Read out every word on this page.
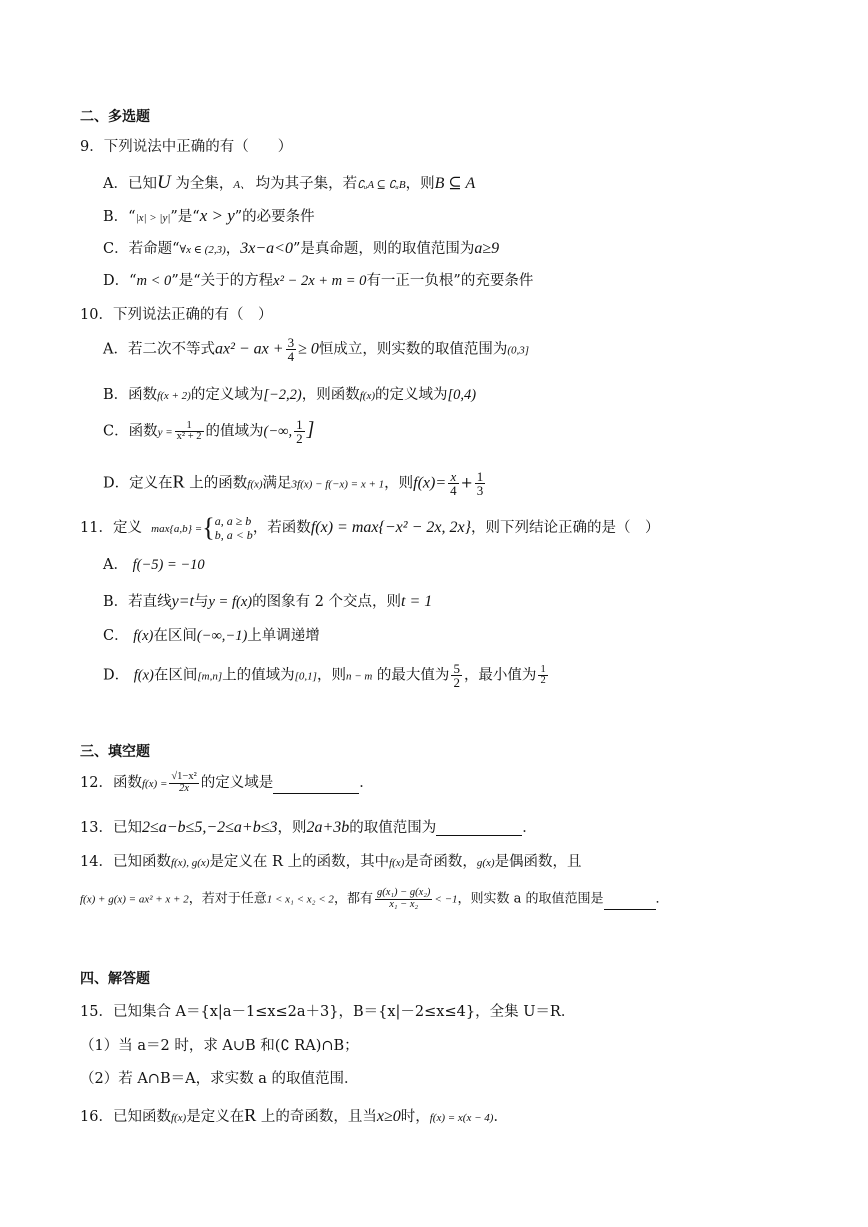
二、多选题
9．下列说法中正确的有（　　）
A．已知U 为全集，A、 均为其子集，若∁ᵤA ⊆ ∁ᵤB，则B ⊆ A
B．“|x| > |y|”是“x > y”的必要条件
C．若命题“∀x ∈ (2,3)，3x−a<0”是真命题，则的取值范围为a≥9
D．“m < 0”是“关于的方程x² − 2x + m = 0有一正一负根”的充要条件
10．下列说法正确的有（　）
A．若二次不等式ax² − ax + $\frac{3}{4} \ge 0$恒成立，则实数的取值范围为(0,3]
B．函数f(x + 2)的定义域为[−2,2)，则函数f(x)的定义域为[0,4)
C．函数$y = \frac{1}{\text{x² + 2}}$ 的值域为(−∞, $\frac{1}{2}$ ]
D．定义在R 上的函数f(x)满足3f(x) − f(−x) = x + 1，则$f(x)= \frac{x}{4} + \frac{1}{3}$
11．定义 max{a,b} ={a, a ≥ b
b, a < b，若函数f(x) = max{−x² − 2x, 2x}，则下列结论正确的是（　）
A． f(−5) = −10
B．若直线y=t与y = f(x)的图象有 2 个交点，则t = 1
C． f(x)在区间(−∞,−1)上单调递增
D． f(x)在区间[m,n]上的值域为[0,1]，则n − m 的最大值为 $\frac{5}{2}$ ，最小值为 $\frac{1}{2}$
三、填空题
12．函数$f(x) = \frac{\text{√1−x²}}{2x}$ 的定义域是	．
13．已知2≤a−b≤5,−2≤a+b≤3，则2a+3b的取值范围为	．
14．已知函数f(x), g(x)是定义在 R 上的函数，其中f(x)是奇函数，g(x)是偶函数，且
f(x) + g(x) = ax² + x + 2，若对于任意1 < x₁ < x₂ < 2，都有 $\frac{\text{g(x₁) − g(x₂)}}{\text{x₁ − x₂}} < -1$，则实数 a 的取值范围是	．
四、解答题
15．已知集合 A＝{x|a－1≤x≤2a＋3}，B＝{x|－2≤x≤4}，全集 U＝R．
（1）当 a＝2 时，求 A∪B 和(∁ RA)∩B；
（2）若 A∩B＝A，求实数 a 的取值范围．
16．已知函数f(x)是定义在R 上的奇函数，且当x≥0时，f(x) = x(x − 4)．
